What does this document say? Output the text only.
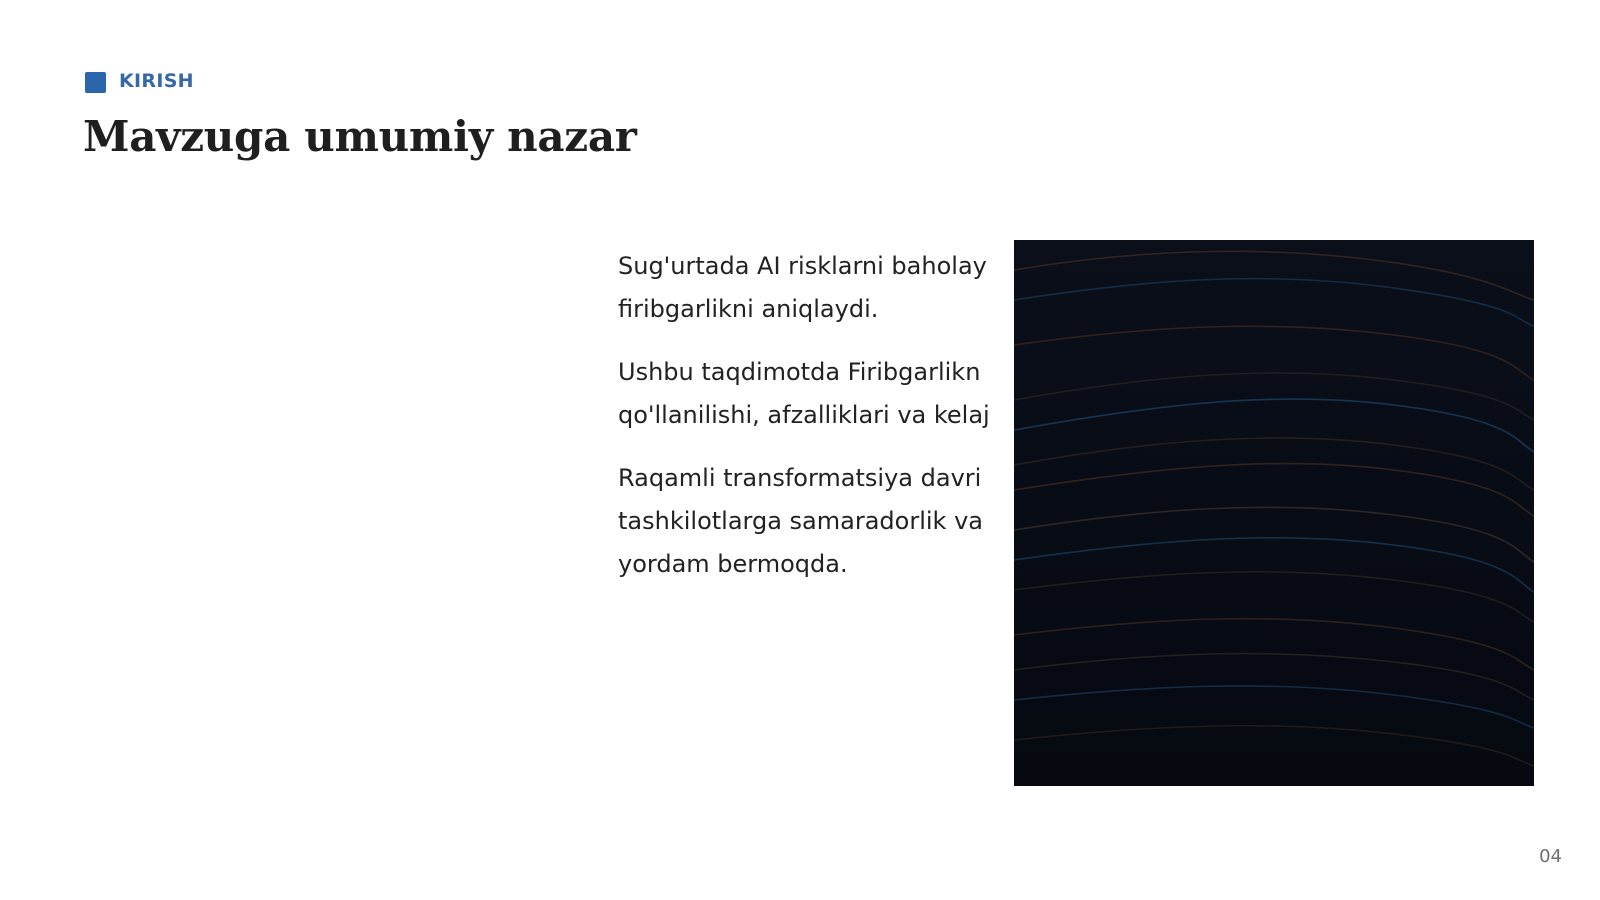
KIRISH
Mavzuga umumiy nazar

Sug'urtada AI risklarni baholay
firibgarlikni aniqlaydi.

Ushbu taqdimotda Firibgarlikn
qo'llanilishi, afzalliklari va kelaj

Raqamli transformatsiya davri
tashkilotlarga samaradorlik va
yordam bermoqda.

04
